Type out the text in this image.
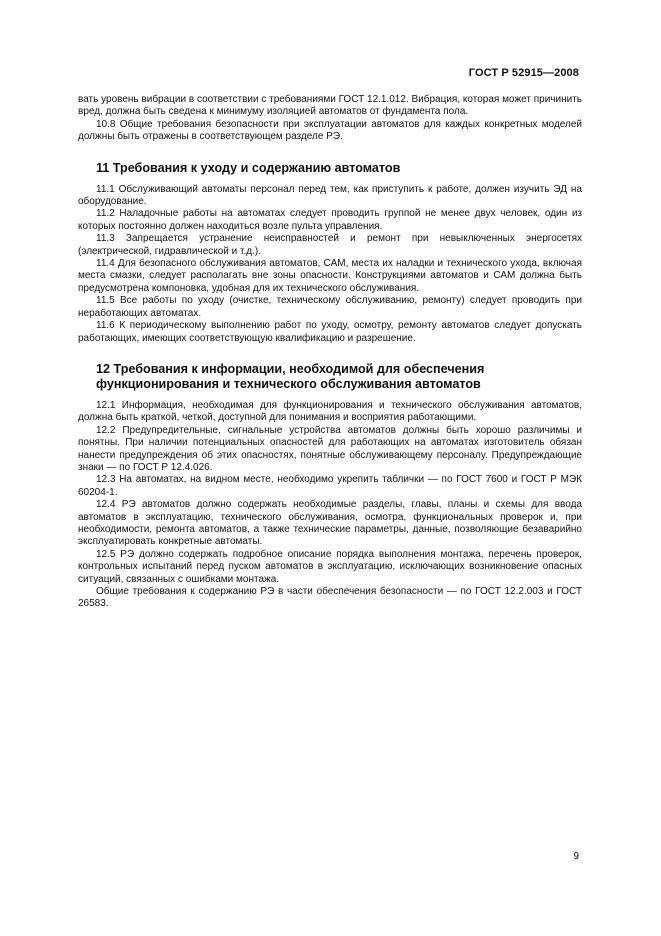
ГОСТ Р 52915—2008

вать уровень вибрации в соответствии с требованиями ГОСТ 12.1.012. Вибрация, которая может причинить вред, должна быть сведена к минимуму изоляцией автоматов от фундамента пола.

10.8 Общие требования безопасности при эксплуатации автоматов для каждых конкретных моделей должны быть отражены в соответствующем разделе РЭ.

11 Требования к уходу и содержанию автоматов

11.1 Обслуживающий автоматы персонал перед тем, как приступить к работе, должен изучить ЭД на оборудование.

11.2 Наладочные работы на автоматах следует проводить группой не менее двух человек, один из которых постоянно должен находиться возле пульта управления.

11.3 Запрещается устранение неисправностей и ремонт при невыключенных энергосетях (электрической, гидравлической и т.д.).

11.4 Для безопасного обслуживания автоматов, САМ, места их наладки и технического ухода, включая места смазки, следует располагать вне зоны опасности. Конструкциями автоматов и САМ должна быть предусмотрена компоновка, удобная для их технического обслуживания.

11.5 Все работы по уходу (очистке, техническому обслуживанию, ремонту) следует проводить при неработающих автоматах.

11.6 К периодическому выполнению работ по уходу, осмотру, ремонту автоматов следует допускать работающих, имеющих соответствующую квалификацию и разрешение.

12 Требования к информации, необходимой для обеспечения
функционирования и технического обслуживания автоматов

12.1 Информация, необходимая для функционирования и технического обслуживания автоматов, должна быть краткой, четкой, доступной для понимания и восприятия работающими.

12.2 Предупредительные, сигнальные устройства автоматов должны быть хорошо различимы и понятны. При наличии потенциальных опасностей для работающих на автоматах изготовитель обязан нанести предупреждения об этих опасностях, понятные обслуживающему персоналу. Предупреждающие знаки — по ГОСТ Р 12.4.026.

12.3 На автоматах, на видном месте, необходимо укрепить таблички — по ГОСТ 7600 и ГОСТ Р МЭК 60204-1.

12.4 РЭ автоматов должно содержать необходимые разделы, главы, планы и схемы для ввода автоматов в эксплуатацию, технического обслуживания, осмотра, функциональных проверок и, при необходимости, ремонта автоматов, а также технические параметры, данные, позволяющие безаварийно эксплуатировать конкретные автоматы.

12.5 РЭ должно содержать подробное описание порядка выполнения монтажа, перечень проверок, контрольных испытаний перед пуском автоматов в эксплуатацию, исключающих возникновение опасных ситуаций, связанных с ошибками монтажа.

Общие требования к содержанию РЭ в части обеспечения безопасности — по ГОСТ 12.2.003 и ГОСТ 26583.

9
